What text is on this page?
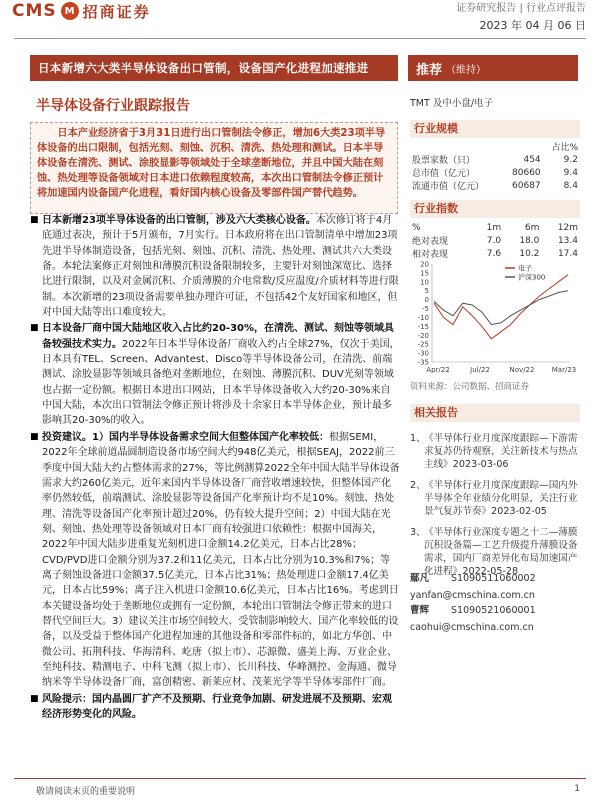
CMS M 招商证券	证券研究报告 | 行业点评报告
2023 年 04 月 06 日
日本新增六大类半导体设备出口管制，设备国产化进程加速推进	推荐 （维持）
半导体设备行业跟踪报告
日本产业经济省于3月31日进行出口管制法令修正，增加6大类23项半导体设备的出口限制，包括光刻、刻蚀、沉积、清洗、热处理和测试。日本半导体设备在清洗、测试、涂胶显影等领域处于全球垄断地位，并且中国大陆在刻蚀、热处理等设备领域对日本进口依赖程度较高，本次出口管制法令修正预计将加速国内设备国产化进程，看好国内核心设备及零部件国产替代趋势。

■ 日本新增23项半导体设备的出口管制，涉及六大类核心设备。本次修订将于4月底通过表决，预计于5月颁布，7月实行。日本政府将在出口管制清单中增加23项先进半导体制造设备，包括光刻、刻蚀、沉积、清洗、热处理、测试共六大类设备。本轮法案修正对刻蚀和薄膜沉积设备限制较多，主要针对刻蚀深宽比、选择比进行限制，以及对金属沉积、介质薄膜的介电常数/反应温度/介质材料等进行限制。本次新增的23项设备需要单独办理许可证，不包括42个友好国家和地区，但对中国大陆等出口难度较大。

■ 日本设备厂商中国大陆地区收入占比约20-30%，在清洗、测试、刻蚀等领域具备较强技术实力。2022年日本半导体设备厂商收入约占全球27%，仅次于美国，日本具有TEL、Screen、Advantest、Disco等半导体设备公司，在清洗、前端测试、涂胶显影等领域具备绝对垄断地位，在刻蚀、薄膜沉积、DUV光刻等领域也占据一定份额。根据日本进出口网站，日本半导体设备收入大约20-30%来自中国大陆，本次出口管制法令修正预计将涉及十余家日本半导体企业，预计最多影响其20-30%的收入。

■ 投资建议。1）国内半导体设备需求空间大但整体国产化率较低：根据SEMI，2022年全球前道晶圆制造设备市场空间大约948亿美元，根据SEAJ，2022前三季度中国大陆大约占整体需求的27%，等比例测算2022全年中国大陆半导体设备需求大约260亿美元，近年来国内半导体设备厂商营收增速较快，但整体国产化率仍然较低，前端测试、涂胶显影等设备国产化率预计均不足10%。刻蚀、热处理、清洗等设备国产化率预计超过20%，仍有较大提升空间；2）中国大陆在光刻、刻蚀、热处理等设备领域对日本厂商有较强进口依赖性：根据中国海关，2022年中国大陆步进重复光刻机进口金额14.2亿美元，日本占比28%；CVD/PVD进口金额分别为37.2和11亿美元，日本占比分别为10.3%和7%；等离子刻蚀设备进口金额37.5亿美元，日本占比31%；热处理进口金额17.4亿美元，日本占比59%；离子注入机进口金额10.6亿美元，日本占比16%。考虑到日本关键设备均处于垄断地位或拥有一定份额，本轮出口管制法令修正带来的进口替代空间巨大。3）建议关注市场空间较大、受管制影响较大、国产化率较低的设备，以及受益于整体国产化进程加速的其他设备和零部件标的，如北方华创、中微公司、拓荆科技、华海清科、屹唐（拟上市）、芯源微、盛美上海、万业企业、至纯科技、精测电子、中科飞测（拟上市）、长川科技、华峰测控、金海通、微导纳米等半导体设备厂商，富创精密、新莱应材、茂莱光学等半导体零部件厂商。

■ 风险提示：国内晶圆厂扩产不及预期、行业竞争加剧、研发进展不及预期、宏观经济形势变化的风险。

TMT 及中小盘/电子
行业规模
		占比%
股票家数（只）	454	9.2
总市值（亿元）	80660	9.4
流通市值（亿元）	60687	8.4
行业指数
%	1m	6m	12m
绝对表现	7.0	18.0	13.4
相对表现	7.6	10.2	17.4
20
15
10
5
0
-5
-10
-15
-20
-25
-30
-35
Apr/22	Jul/22	Nov/22 Mar/23
电子
沪深300
资料来源：公司数据、招商证券
相关报告
1、
《半导体行业月度深度跟踪—下游需求复苏仍待观察，关注新技术与热点主线》2023-03-06
2、
《半导体行业月度深度跟踪—国内外半导体全年业绩分化明显，关注行业景气复苏节奏》2023-02-05
3、
《半导体行业深度专题之十二—薄膜沉积设备篇—工艺升级提升薄膜设备需求，国内厂商差异化布局加速国产化进程》2022-05-28
鄢凡 S1090511060002
yanfan@cmschina.com.cn
曹辉 S1090521060001
caohui@cmschina.com.cn
敬请阅读末页的重要说明	1
